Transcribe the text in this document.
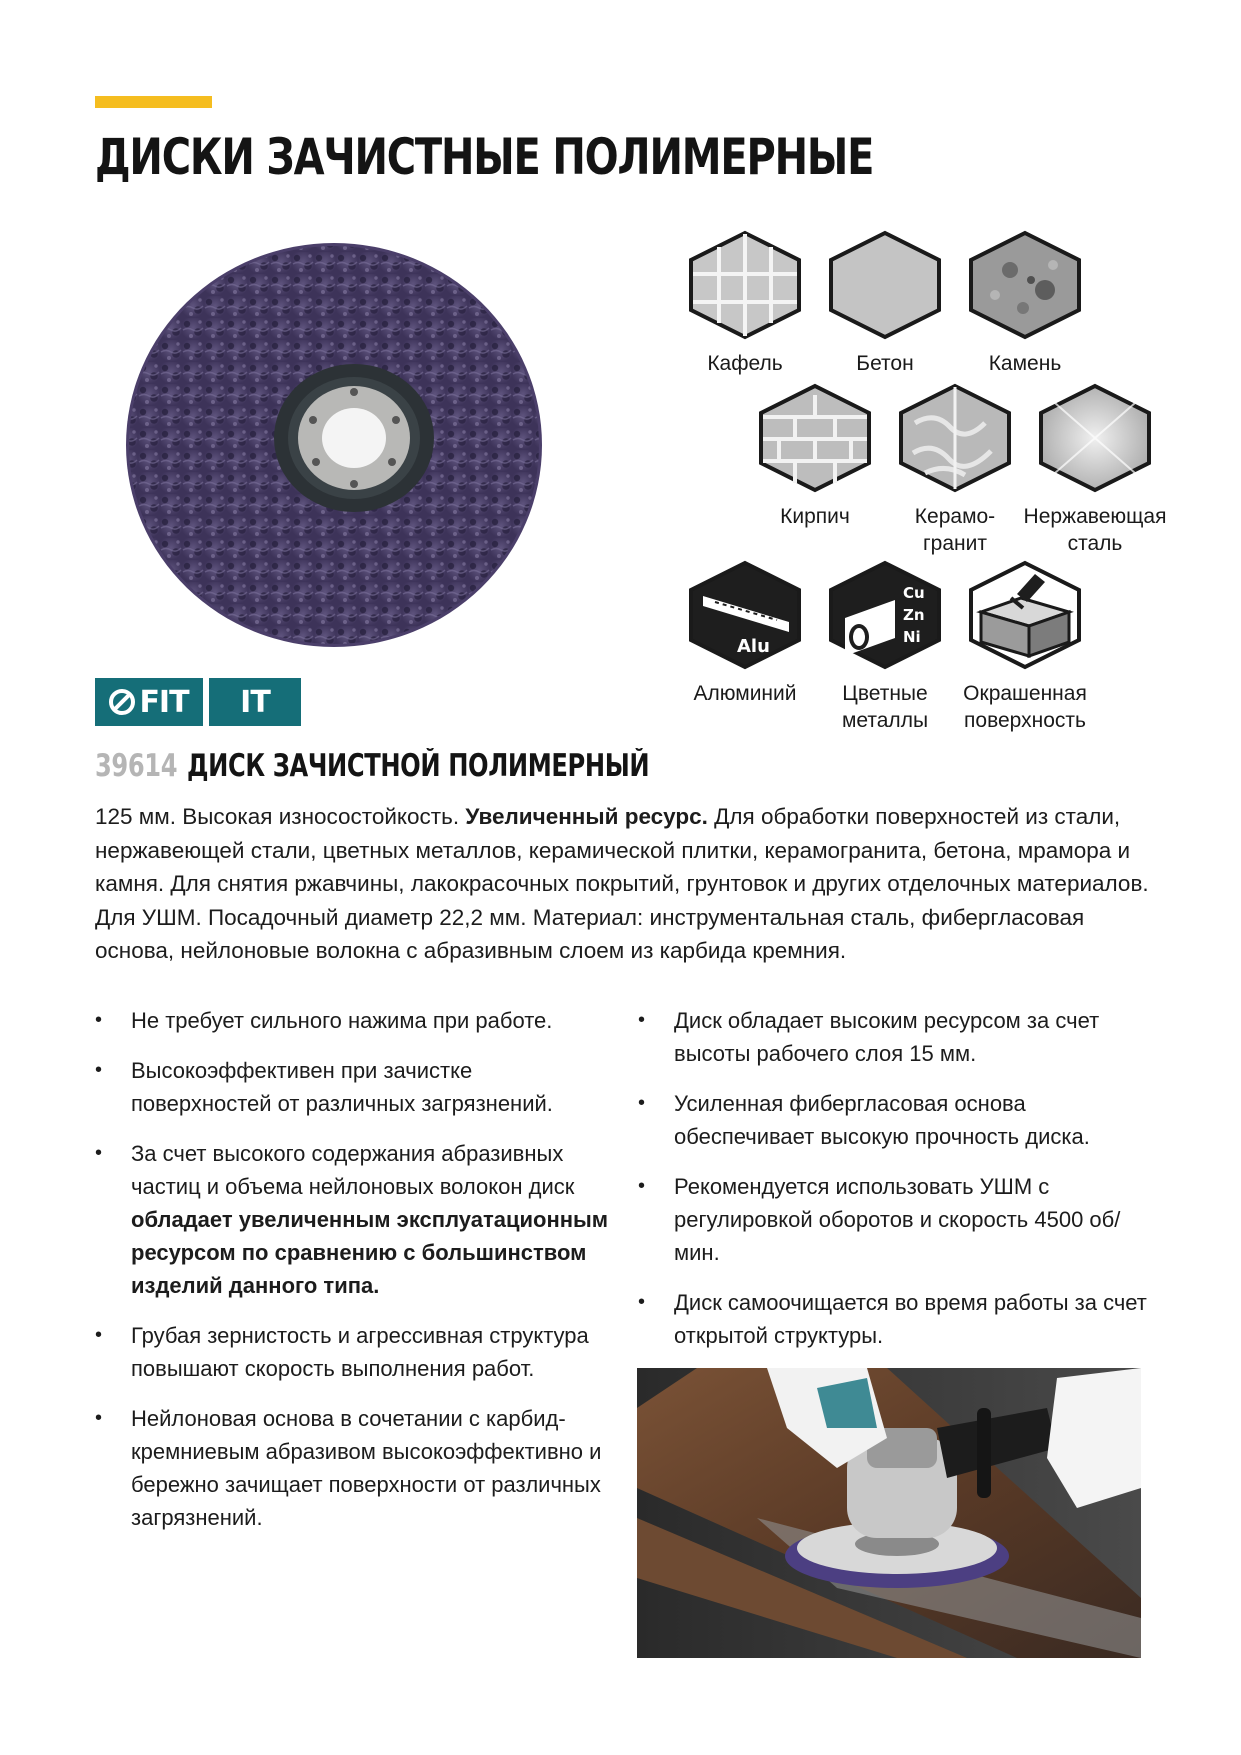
ДИСКИ ЗАЧИСТНЫЕ ПОЛИМЕРНЫЕ
Кафель	Бетон	Камень
Кирпич	Керамо-
гранит
Нержавеющая
сталь
Alu
Алюминий
Cu
Zn
Ni
Цветные
металлы
Окрашенная
поверхность
FIT IT
39614 ДИСК ЗАЧИСТНОЙ ПОЛИМЕРНЫЙ

125 мм. Высокая износостойкость. Увеличенный ресурс. Для обработки поверхностей из стали, нержавеющей стали, цветных металлов, керамической плитки, керамогранита, бетона, мрамора и камня. Для снятия ржавчины, лакокрасочных покрытий, грунтовок и других отделочных материалов. Для УШМ. Посадочный диаметр 22,2 мм. Материал: инструментальная сталь, фибергласовая основа, нейлоновые волокна с абразивным слоем из карбида кремния.

• Не требует сильного нажима при работе.
• Высокоэффективен при зачистке поверхностей от различных загрязнений.
• За счет высокого содержания абразивных частиц и объема нейлоновых волокон диск обладает увеличенным эксплуатационным ресурсом по сравнению с большинством изделий данного типа.
• Грубая зернистость и агрессивная структура повышают скорость выполнения работ.
• Нейлоновая основа в сочетании с карбид-кремниевым абразивом высокоэффективно и бережно зачищает поверхности от различных загрязнений.
• Диск обладает высоким ресурсом за счет высоты рабочего слоя 15 мм.
• Усиленная фибергласовая основа обеспечивает высокую прочность диска.
• Рекомендуется использовать УШМ с регулировкой оборотов и скорость 4500 об/мин.
• Диск самоочищается во время работы за счет открытой структуры.
